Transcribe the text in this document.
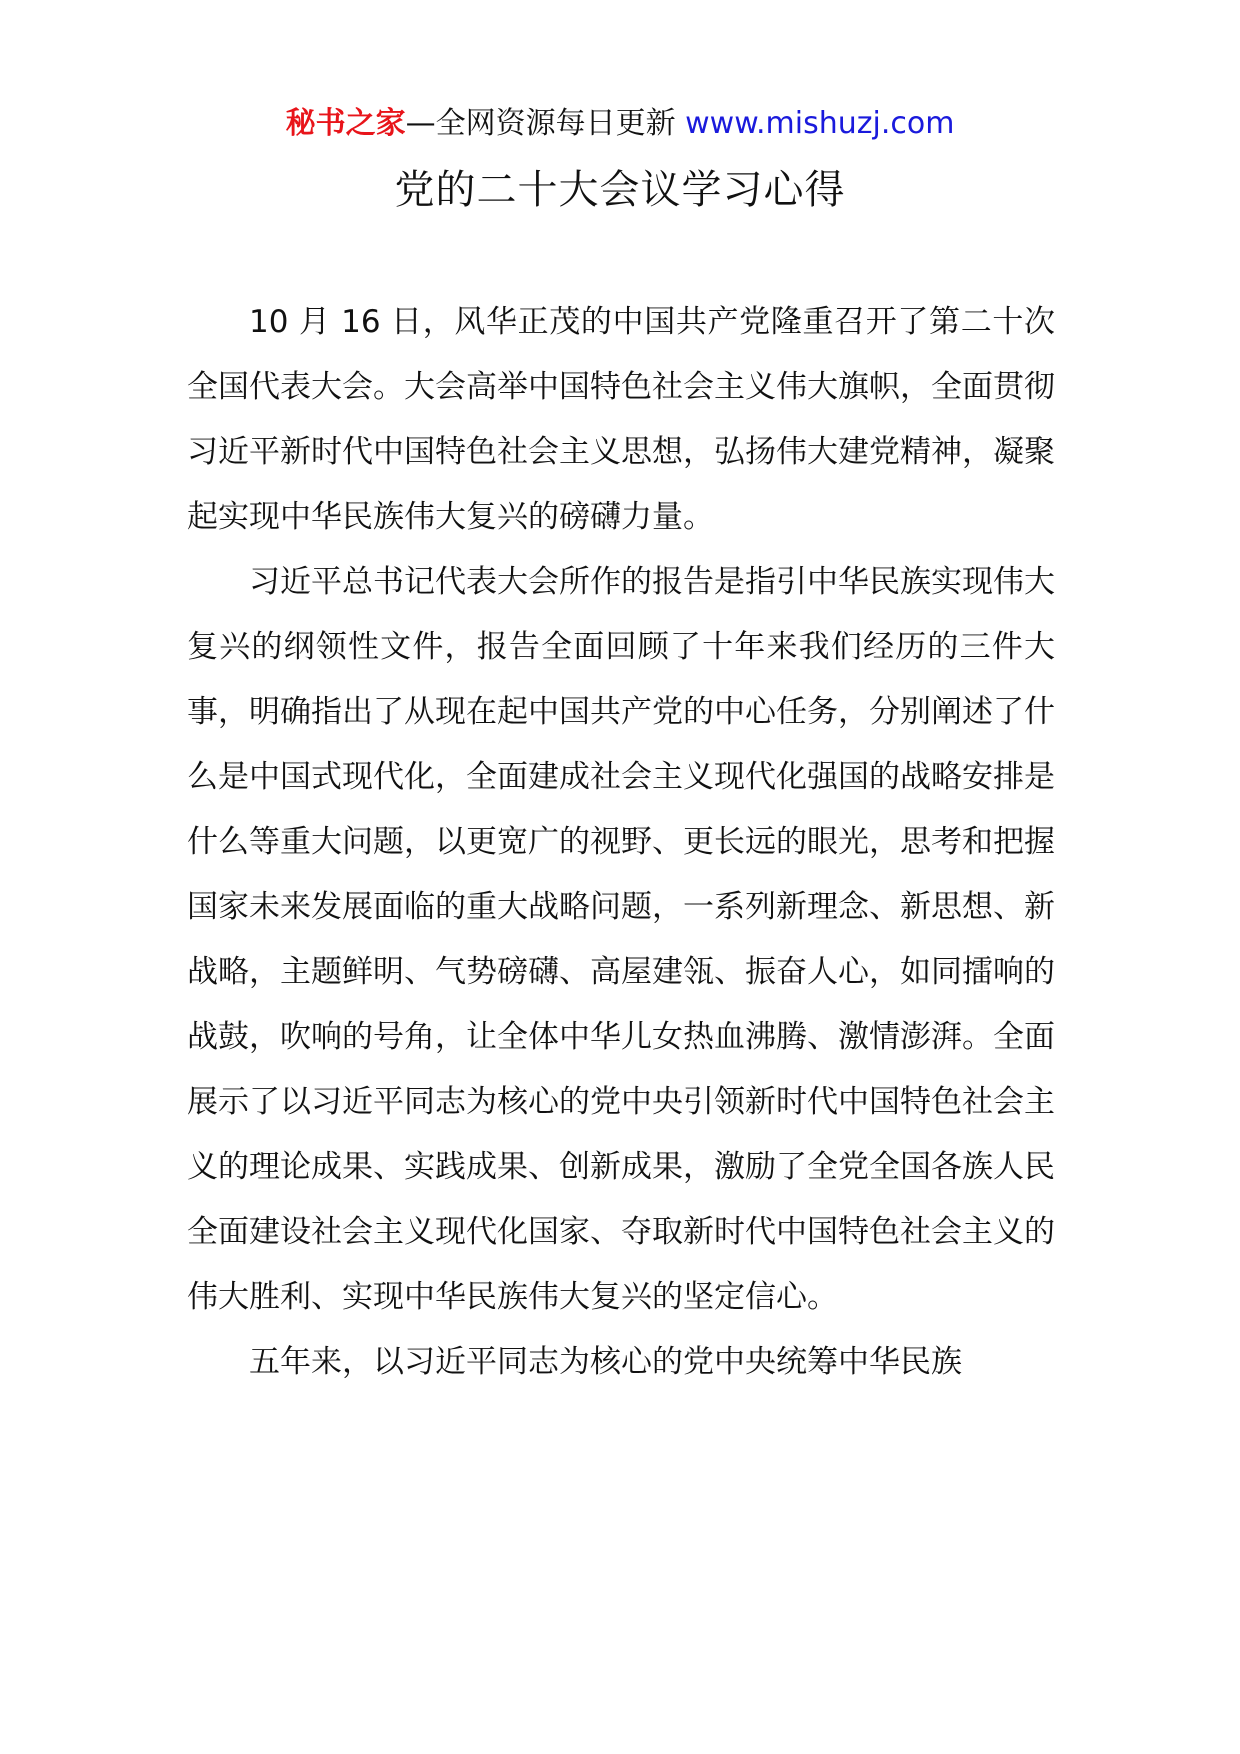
秘书之家—全网资源每日更新 www.mishuzj.com
党的二十大会议学习心得

10 月 16 日，风华正茂的中国共产党隆重召开了第二十次全国代表大会。大会高举中国特色社会主义伟大旗帜，全面贯彻习近平新时代中国特色社会主义思想，弘扬伟大建党精神，凝聚起实现中华民族伟大复兴的磅礴力量。

习近平总书记代表大会所作的报告是指引中华民族实现伟大复兴的纲领性文件，报告全面回顾了十年来我们经历的三件大事，明确指出了从现在起中国共产党的中心任务，分别阐述了什么是中国式现代化，全面建成社会主义现代化强国的战略安排是什么等重大问题，以更宽广的视野、更长远的眼光，思考和把握国家未来发展面临的重大战略问题，一系列新理念、新思想、新战略，主题鲜明、气势磅礴、高屋建瓴、振奋人心，如同擂响的战鼓，吹响的号角，让全体中华儿女热血沸腾、激情澎湃。全面展示了以习近平同志为核心的党中央引领新时代中国特色社会主义的理论成果、实践成果、创新成果，激励了全党全国各族人民全面建设社会主义现代化国家、夺取新时代中国特色社会主义的伟大胜利、实现中华民族伟大复兴的坚定信心。

五年来，以习近平同志为核心的党中央统筹中华民族
